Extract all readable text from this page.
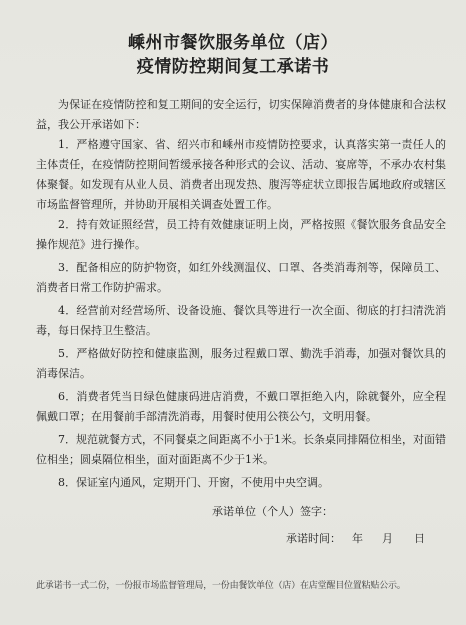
嵊州市餐饮服务单位（店）
疫情防控期间复工承诺书

为保证在疫情防控和复工期间的安全运行，切实保障消费者的身体健康和合法权益，我公开承诺如下：

1．严格遵守国家、省、绍兴市和嵊州市疫情防控要求，认真落实第一责任人的主体责任，在疫情防控期间暂缓承接各种形式的会议、活动、宴席等，不承办农村集体聚餐。如发现有从业人员、消费者出现发热、腹泻等症状立即报告属地政府或辖区市场监督管理所，并协助开展相关调查处置工作。

2．持有效证照经营，员工持有效健康证明上岗，严格按照《餐饮服务食品安全操作规范》进行操作。

3．配备相应的防护物资，如红外线测温仪、口罩、各类消毒剂等，保障员工、消费者日常工作防护需求。

4．经营前对经营场所、设备设施、餐饮具等进行一次全面、彻底的打扫清洗消毒，每日保持卫生整洁。

5．严格做好防控和健康监测，服务过程戴口罩、勤洗手消毒，加强对餐饮具的消毒保洁。

6．消费者凭当日绿色健康码进店消费，不戴口罩拒绝入内，除就餐外，应全程佩戴口罩；在用餐前手部清洗消毒，用餐时使用公筷公勺，文明用餐。

7．规范就餐方式，不同餐桌之间距离不小于1米。长条桌同排隔位相坐，对面错位相坐；圆桌隔位相坐，面对面距离不少于1米。

8．保证室内通风，定期开门、开窗，不使用中央空调。

承诺单位（个人）签字：
承诺时间： 年 月 日
此承诺书一式二份，一份报市场监督管理局，一份由餐饮单位（店）在店堂醒目位置粘贴公示。
